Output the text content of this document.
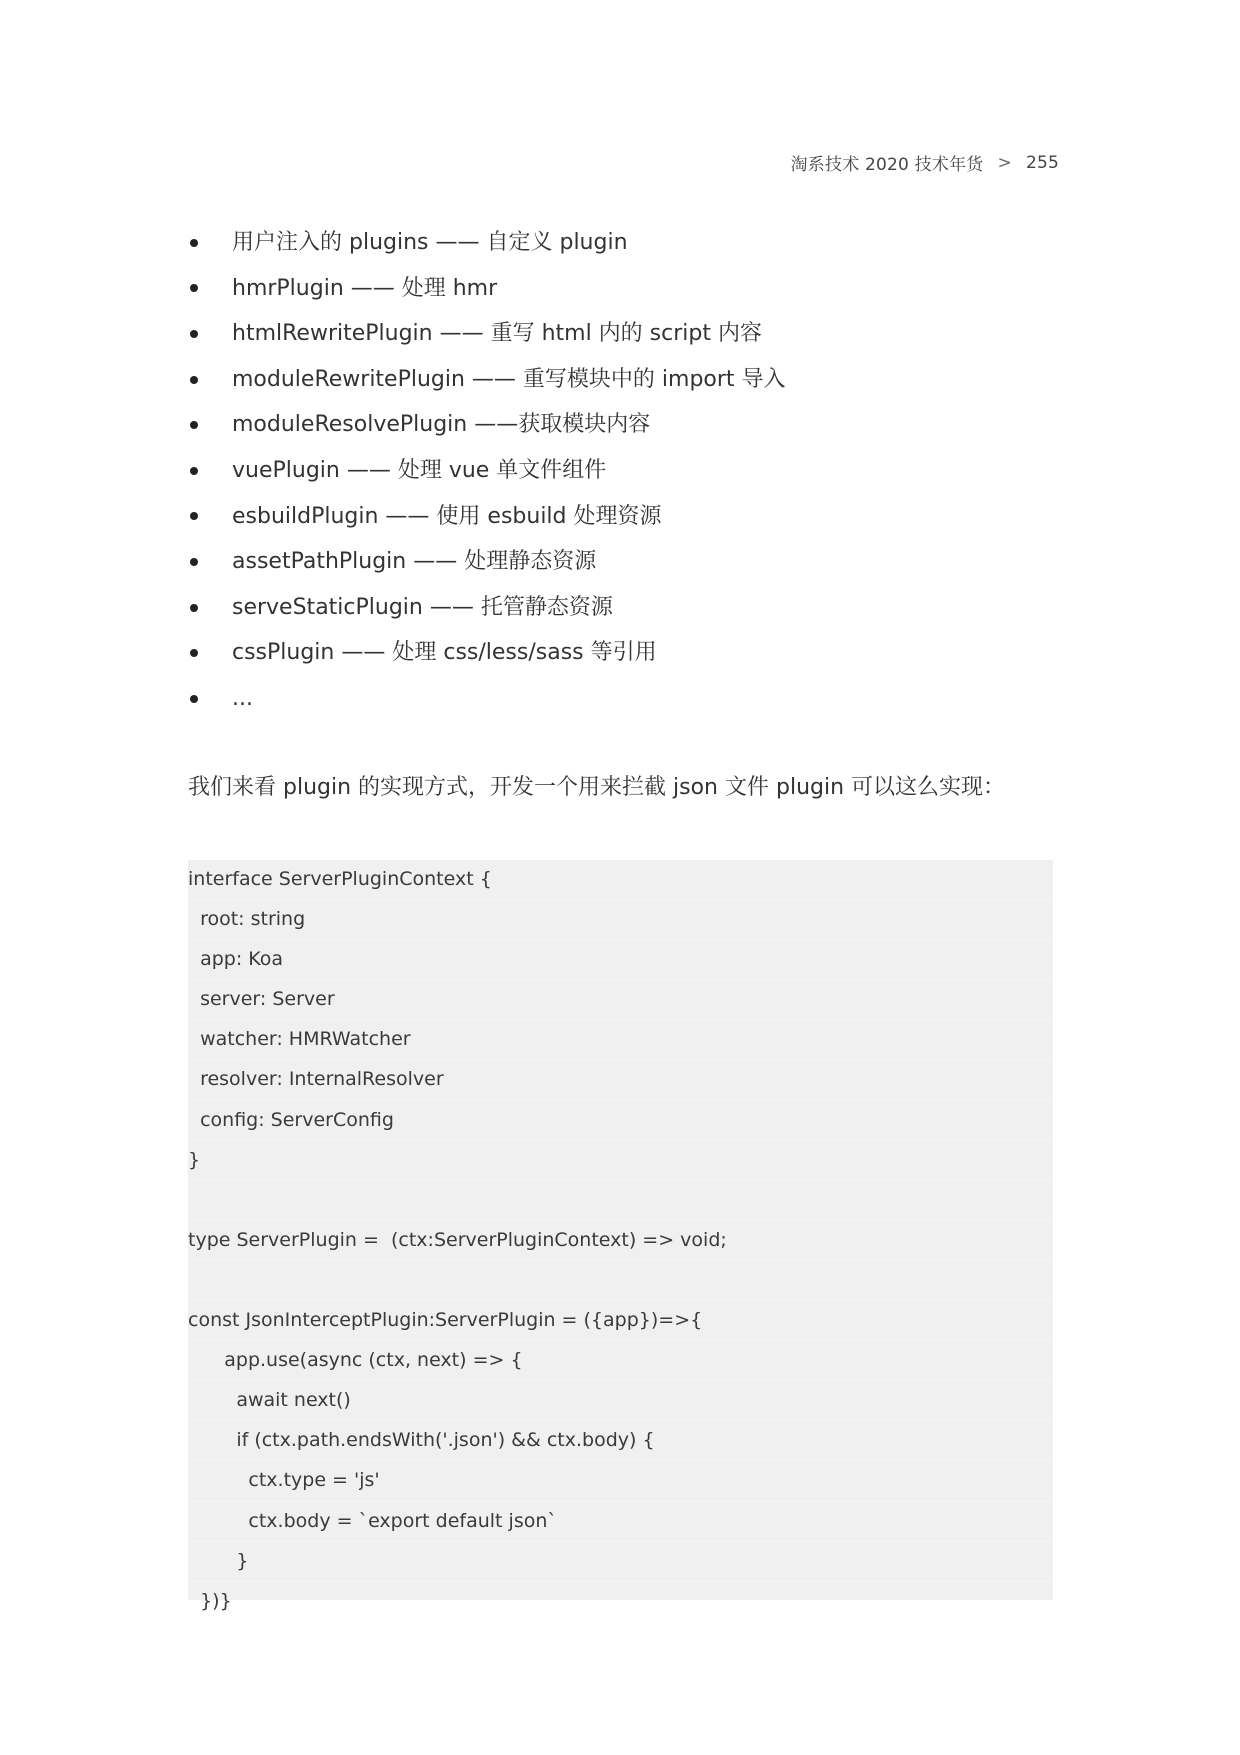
淘系技术 2020 技术年货 > 255
用户注入的 plugins —— 自定义 plugin
hmrPlugin —— 处理 hmr
htmlRewritePlugin —— 重写 html 内的 script 内容
moduleRewritePlugin —— 重写模块中的 import 导入
moduleResolvePlugin ——获取模块内容
vuePlugin —— 处理 vue 单文件组件
esbuildPlugin —— 使用 esbuild 处理资源
assetPathPlugin —— 处理静态资源
serveStaticPlugin —— 托管静态资源
cssPlugin —— 处理 css/less/sass 等引用
...
我们来看 plugin 的实现方式，开发一个用来拦截 json 文件 plugin 可以这么实现：
interface ServerPluginContext {
root: string
app: Koa
server: Server
watcher: HMRWatcher
resolver: InternalResolver
config: ServerConfig
}
type ServerPlugin =  (ctx:ServerPluginContext) => void;
const JsonInterceptPlugin:ServerPlugin = ({app})=>{
app.use(async (ctx, next) => {
await next()
if (ctx.path.endsWith('.json') && ctx.body) {
ctx.type = 'js'
ctx.body = `export default json`
}
})}
